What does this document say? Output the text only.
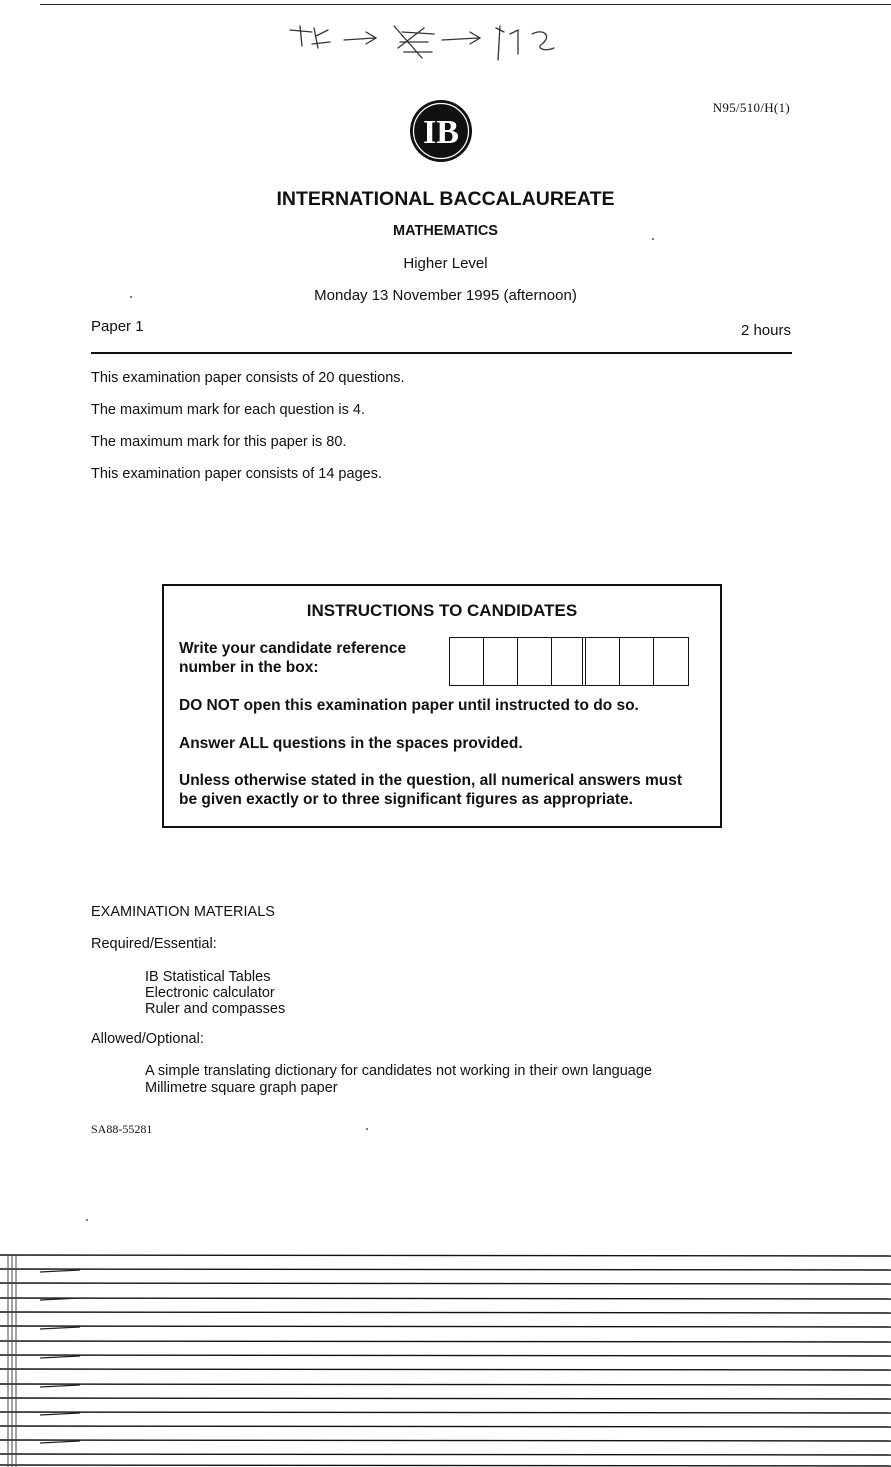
N95/510/H(1)
IB
INTERNATIONAL BACCALAUREATE
MATHEMATICS
Higher Level
Monday 13 November 1995 (afternoon)
Paper 1	2 hours
This examination paper consists of 20 questions.
The maximum mark for each question is 4.
The maximum mark for this paper is 80.
This examination paper consists of 14 pages.
INSTRUCTIONS TO CANDIDATES
Write your candidate reference
number in the box:
DO NOT open this examination paper until instructed to do so.
Answer ALL questions in the spaces provided.
Unless otherwise stated in the question, all numerical answers must
be given exactly or to three significant figures as appropriate.
EXAMINATION MATERIALS
Required/Essential:
IB Statistical Tables
Electronic calculator
Ruler and compasses
Allowed/Optional:
A simple translating dictionary for candidates not working in their own language
Millimetre square graph paper
SA88-55281
